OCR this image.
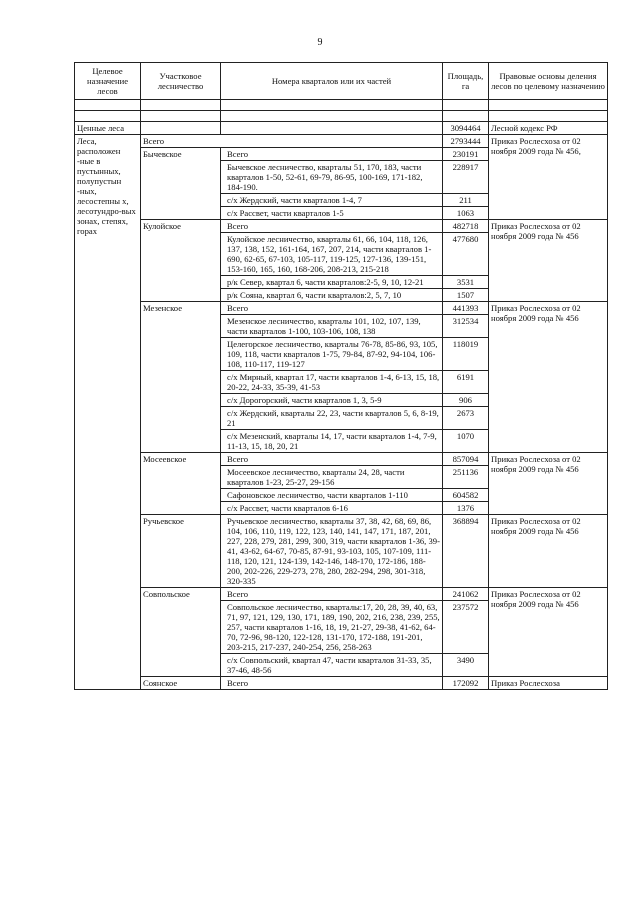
9
Целевое назначение лесов	Участковое лесничество	Номера кварталов или их частей	Площадь, га	Правовые основы деления лесов по целевому назначению

Ценные леса			3094464	Лесной кодекс РФ
Леса, расположен -ные в пустынных, полупустын -ных, лесостепны х, лесотундро-вых зонах, степях, горах	Всего		2793444	Приказ Рослесхоза от 02 ноября 2009 года № 456,
	Бычевское	Всего	230191	
		Бычевское лесничество, кварталы 51, 170, 183, части кварталов 1-50, 52-61, 69-79, 86-95, 100-169, 171-182, 184-190.	228917	
		с/х Жердский, части кварталов 1-4, 7	211	
		с/х Рассвет, части кварталов 1-5	1063	
	Кулойское	Всего	482718	Приказ Рослесхоза от 02 ноября 2009 года № 456
		Кулойское лесничество, кварталы 61, 66, 104, 118, 126, 137, 138, 152, 161-164, 167, 207, 214, части кварталов 1-690, 62-65, 67-103, 105-117, 119-125, 127-136, 139-151, 153-160, 165, 160, 168-206, 208-213, 215-218	477680	
		р/к Север, квартал 6, части кварталов:2-5, 9, 10, 12-21	3531	
		р/к Сояна, квартал 6, части кварталов:2, 5, 7, 10	1507	
	Мезенское	Всего	441393	Приказ Рослесхоза от 02 ноября 2009 года № 456
		Мезенское лесничество, кварталы 101, 102, 107, 139, части кварталов 1-100, 103-106, 108, 138	312534	
		Целегорское лесничество, кварталы 76-78, 85-86, 93, 105, 109, 118, части кварталов 1-75, 79-84, 87-92, 94-104, 106-108, 110-117, 119-127	118019	
		с/х Мирный, квартал 17, части кварталов 1-4, 6-13, 15, 18, 20-22, 24-33, 35-39, 41-53	6191	
		с/х Дорогорский, части кварталов 1, 3, 5-9	906	
		с/х Жердский, кварталы 22, 23, части кварталов 5, 6, 8-19, 21	2673	
		с/х Мезенский, кварталы 14, 17, части кварталов 1-4, 7-9, 11-13, 15, 18, 20, 21	1070	
	Мосеевское	Всего	857094	Приказ Рослесхоза от 02 ноября 2009 года № 456
		Мосеевское лесничество, кварталы 24, 28, части кварталов 1-23, 25-27, 29-156	251136	
		Сафоновское лесничество, части кварталов 1-110	604582	
		с/х Рассвет, части кварталов 6-16	1376	
	Ручьевское	Ручьевское лесничество, кварталы 37, 38, 42, 68, 69, 86, 104, 106, 110, 119, 122, 123, 140, 141, 147, 171, 187, 201, 227, 228, 279, 281, 299, 300, 319, части кварталов 1-36, 39-41, 43-62, 64-67, 70-85, 87-91, 93-103, 105, 107-109, 111-118, 120, 121, 124-139, 142-146, 148-170, 172-186, 188-200, 202-226, 229-273, 278, 280, 282-294, 298, 301-318, 320-335	368894	Приказ Рослесхоза от 02 ноября 2009 года № 456
	Совпольское	Всего	241062	Приказ Рослесхоза от 02 ноября 2009 года № 456
		Совпольское лесничество, кварталы:17, 20, 28, 39, 40, 63, 71, 97, 121, 129, 130, 171, 189, 190, 202, 216, 238, 239, 255, 257, части кварталов 1-16, 18, 19, 21-27, 29-38, 41-62, 64-70, 72-96, 98-120, 122-128, 131-170, 172-188, 191-201, 203-215, 217-237, 240-254, 256, 258-263	237572	
		с/х Совпольский, квартал 47, части кварталов 31-33, 35, 37-46, 48-56	3490	
	Соянское	Всего	172092	Приказ Рослесхоза
